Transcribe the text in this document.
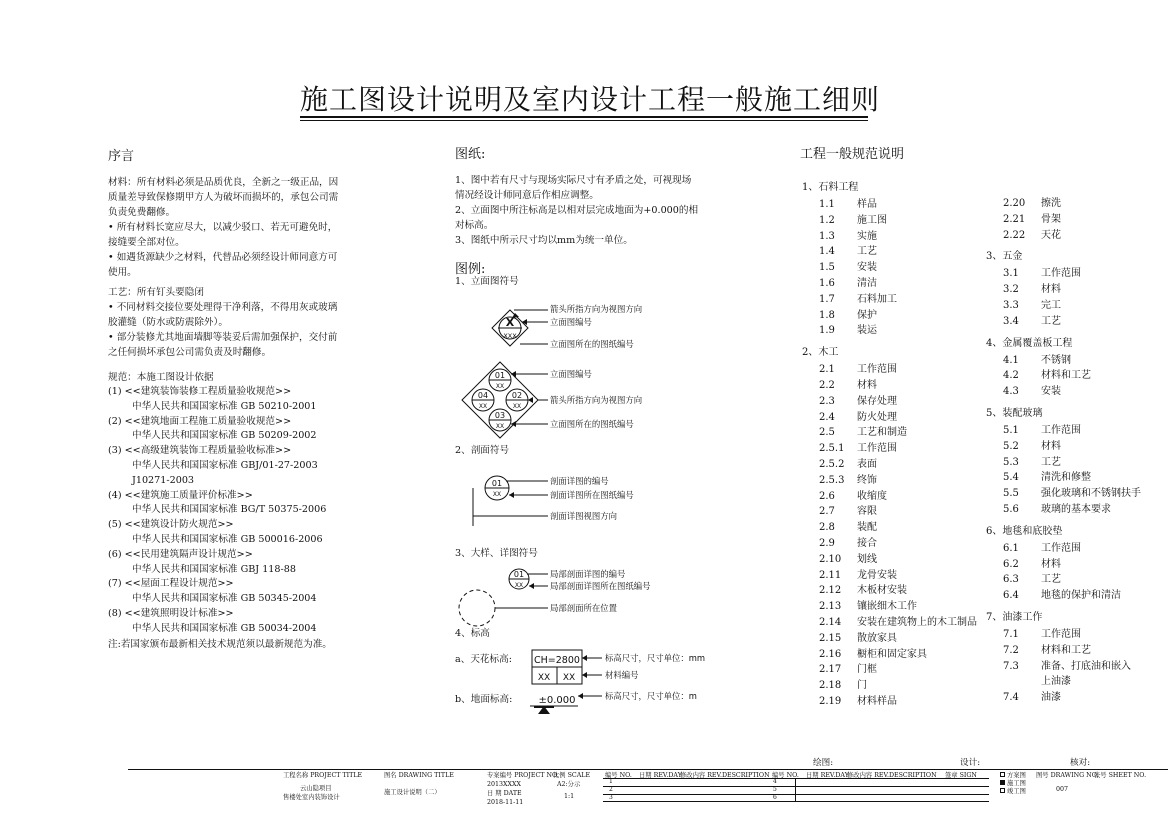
施工图设计说明及室内设计工程一般施工细则
序言
材料：所有材料必须是品质优良，全新之一级正品，因
质量差导致保修期甲方人为破坏而损坏的，承包公司需
负责免费翻修。
• 所有材料长宽应尽大，以减少驳口、若无可避免时，
接缝要全部对位。
• 如遇货源缺少之材料，代替品必须经设计师同意方可
使用。
工艺：所有钉头要隐闭
• 不同材料交接位要处理得干净利落，不得用灰或玻璃
胶灌缝（防水或防震除外）。
• 部分装修尤其地面墙脚等装妥后需加强保护，交付前
之任何损坏承包公司需负责及时翻修。
规范：本施工图设计依据
(1) <<建筑装饰装修工程质量验收规范>>
中华人民共和国国家标准 GB 50210-2001
(2) <<建筑地面工程施工质量验收规范>>
中华人民共和国国家标准 GB 50209-2002
(3) <<高级建筑装饰工程质量验收标准>>
中华人民共和国国家标准 GBJ/01-27-2003
J10271-2003
(4) <<建筑施工质量评价标准>>
中华人民共和国国家标准 BG/T 50375-2006
(5) <<建筑设计防火规范>>
中华人民共和国国家标准 GB 500016-2006
(6) <<民用建筑隔声设计规范>>
中华人民共和国国家标准 GBJ 118-88
(7) <<屋面工程设计规范>>
中华人民共和国国家标准 GB 50345-2004
(8) <<建筑照明设计标准>>
中华人民共和国国家标准 GB 50034-2004
注:若国家颁布最新相关技术规范须以最新规范为准。
图纸:
1、图中若有尺寸与现场实际尺寸有矛盾之处，可视现场
情况经设计师同意后作相应调整。
2、立面图中所注标高是以相对层完成地面为+0.000的相
对标高。
3、图纸中所示尺寸均以mm为统一单位。
图例:
1、立面图符号
2、剖面符号
3、大样、详图符号
4、标高
X
XXX
01
XX
04
XX
02
XX
03
XX
01
XX
01
XX
CH=2800
XX XX
±0.000
箭头所指方向为视图方向
立面图编号
立面图所在的图纸编号
立面图编号
箭头所指方向为视图方向
立面图所在的图纸编号
剖面详图的编号
剖面详图所在图纸编号
剖面详图视图方向
局部剖面详图的编号
局部剖面详图所在图纸编号
局部剖面所在位置
标高尺寸，尺寸单位：mm
材料编号
标高尺寸，尺寸单位：m
a、天花标高:
b、地面标高:
工程一般规范说明
1、石料工程
1.1 样品
1.2 施工图
1.3 实施
1.4 工艺
1.5 安装
1.6 清洁
1.7 石料加工
1.8 保护
1.9 装运
2、木工
2.1 工作范围
2.2 材料
2.3 保存处理
2.4 防火处理
2.5 工艺和制造
2.5.1 工作范围
2.5.2 表面
2.5.3 终饰
2.6 收缩度
2.7 容限
2.8 装配
2.9 接合
2.10 划线
2.11 龙骨安装
2.12 木板材安装
2.13 镶嵌细木工作
2.14 安装在建筑物上的木工制品
2.15 散放家具
2.16 橱柜和固定家具
2.17 门框
2.18 门
2.19 材料样品
2.20 擦洗
2.21 骨架
2.22 天花
3、五金
3.1 工作范围
3.2 材料
3.3 完工
3.4 工艺
4、金属覆盖板工程
4.1 不锈钢
4.2 材料和工艺
4.3 安装
5、装配玻璃
5.1 工作范围
5.2 材料
5.3 工艺
5.4 清洗和修整
5.5 强化玻璃和不锈钢扶手
5.6 玻璃的基本要求
6、地毯和底胶垫
6.1 工作范围
6.2 材料
6.3 工艺
6.4 地毯的保护和清洁
7、油漆工作
7.1 工作范围
7.2 材料和工艺
7.3 准备、打底油和嵌入
上油漆
7.4 油漆
绘图:	设计:	核对:
工程名称 PROJECT TITLE
云山隐项目
售楼处室内装饰设计
图名 DRAWING TITLE
施工设计说明（二）
专案编号 PROJECT NO.
2013XXXX
日 期 DATE
2018-11-11
比例 SCALE
A2:分示
1:1
编号 NO. 日期 REV.DAY
修改内容 REV.DESCRIPTION 编号 NO. 日期 REV.DAY
修改内容 REV.DESCRIPTION 签章 SIGN
1
2
3
4
5
6
方案图
施工图
竣工图
图号 DRAWING NO.
张号 SHEET NO.
007
